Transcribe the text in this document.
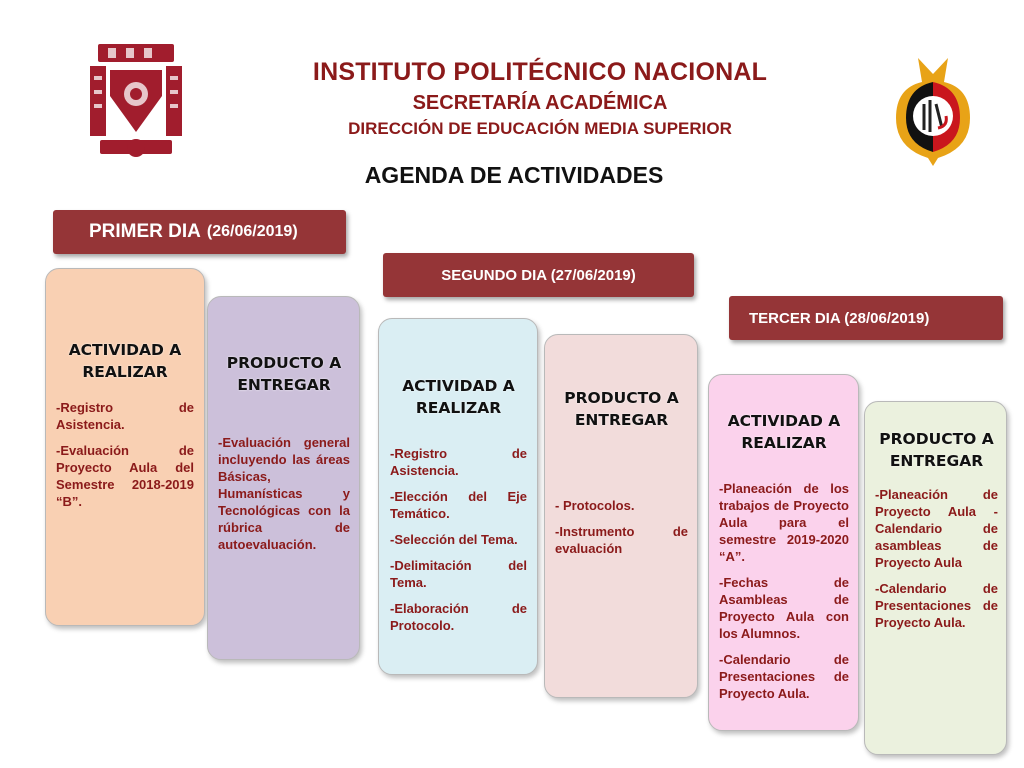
INSTITUTO POLITÉCNICO NACIONAL
SECRETARÍA ACADÉMICA
DIRECCIÓN DE EDUCACIÓN MEDIA SUPERIOR
AGENDA DE ACTIVIDADES
PRIMER DIA (26/06/2019)
SEGUNDO DIA (27/06/2019)
TERCER DIA (28/06/2019)
ACTIVIDAD A REALIZAR
-Registro de Asistencia.
-Evaluación de Proyecto Aula del Semestre 2018-2019 “B”.
PRODUCTO A ENTREGAR
-Evaluación general incluyendo las áreas Básicas, Humanísticas y Tecnológicas con la rúbrica de autoevaluación.
ACTIVIDAD A REALIZAR
-Registro de Asistencia.
-Elección del Eje Temático.
-Selección del Tema.
-Delimitación del Tema.
-Elaboración de Protocolo.
PRODUCTO A ENTREGAR
- Protocolos.
-Instrumento de evaluación
ACTIVIDAD A REALIZAR
-Planeación de los trabajos de Proyecto Aula para el semestre 2019-2020 “A”.
-Fechas de Asambleas de Proyecto Aula con los Alumnos.
-Calendario de Presentaciones de Proyecto Aula.
PRODUCTO A ENTREGAR
-Planeación de Proyecto Aula -Calendario de asambleas de Proyecto Aula
-Calendario de Presentaciones de Proyecto Aula.
